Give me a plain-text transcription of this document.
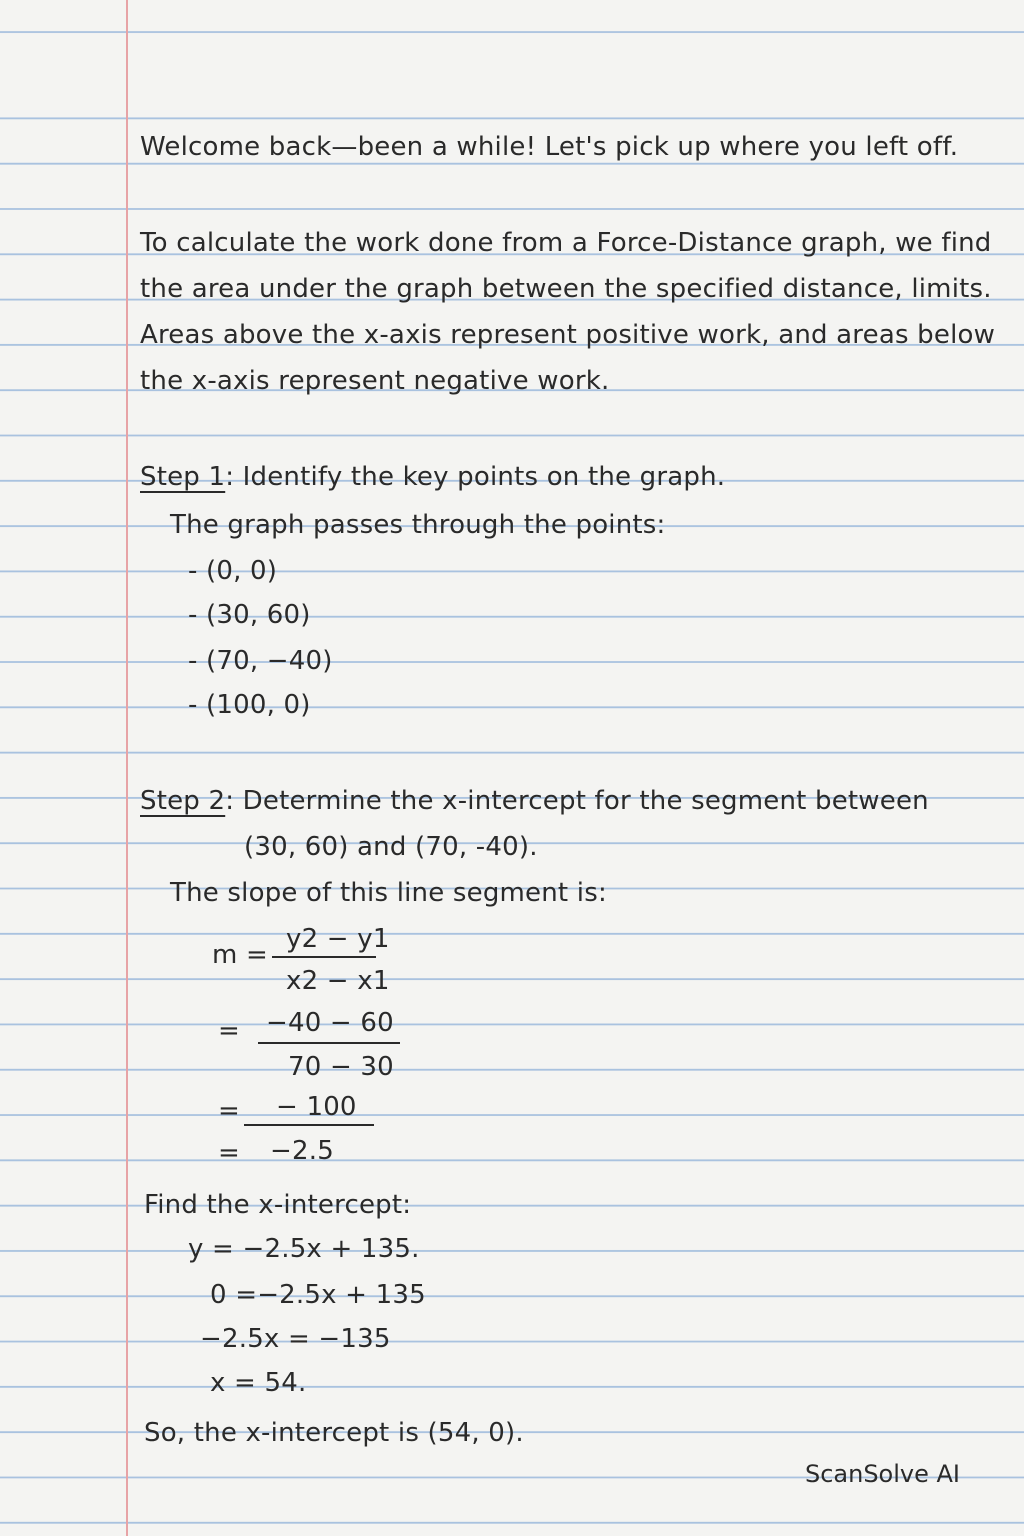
Welcome back—been a while! Let's pick up where you left off.
To calculate the work done from a Force-Distance graph, we find
the area under the graph between the specified distance, limits.
Areas above the x-axis represent positive work, and areas below
the x-axis represent negative work.
Step 1: Identify the key points on the graph.
The graph passes through the points:
- (0, 0)
- (30, 60)
- (70, −40)
- (100, 0)
Step 2: Determine the x-intercept for the segment between
(30, 60) and (70, -40).
The slope of this line segment is:
m =
y2 − y1
x2 − x1
= −40 − 60
70 − 30
= − 100
= −2.5
Find the x-intercept:
y = −2.5x + 135.
0 =−2.5x + 135
−2.5x = −135
x = 54.
So, the x-intercept is (54, 0).
ScanSolve AI
